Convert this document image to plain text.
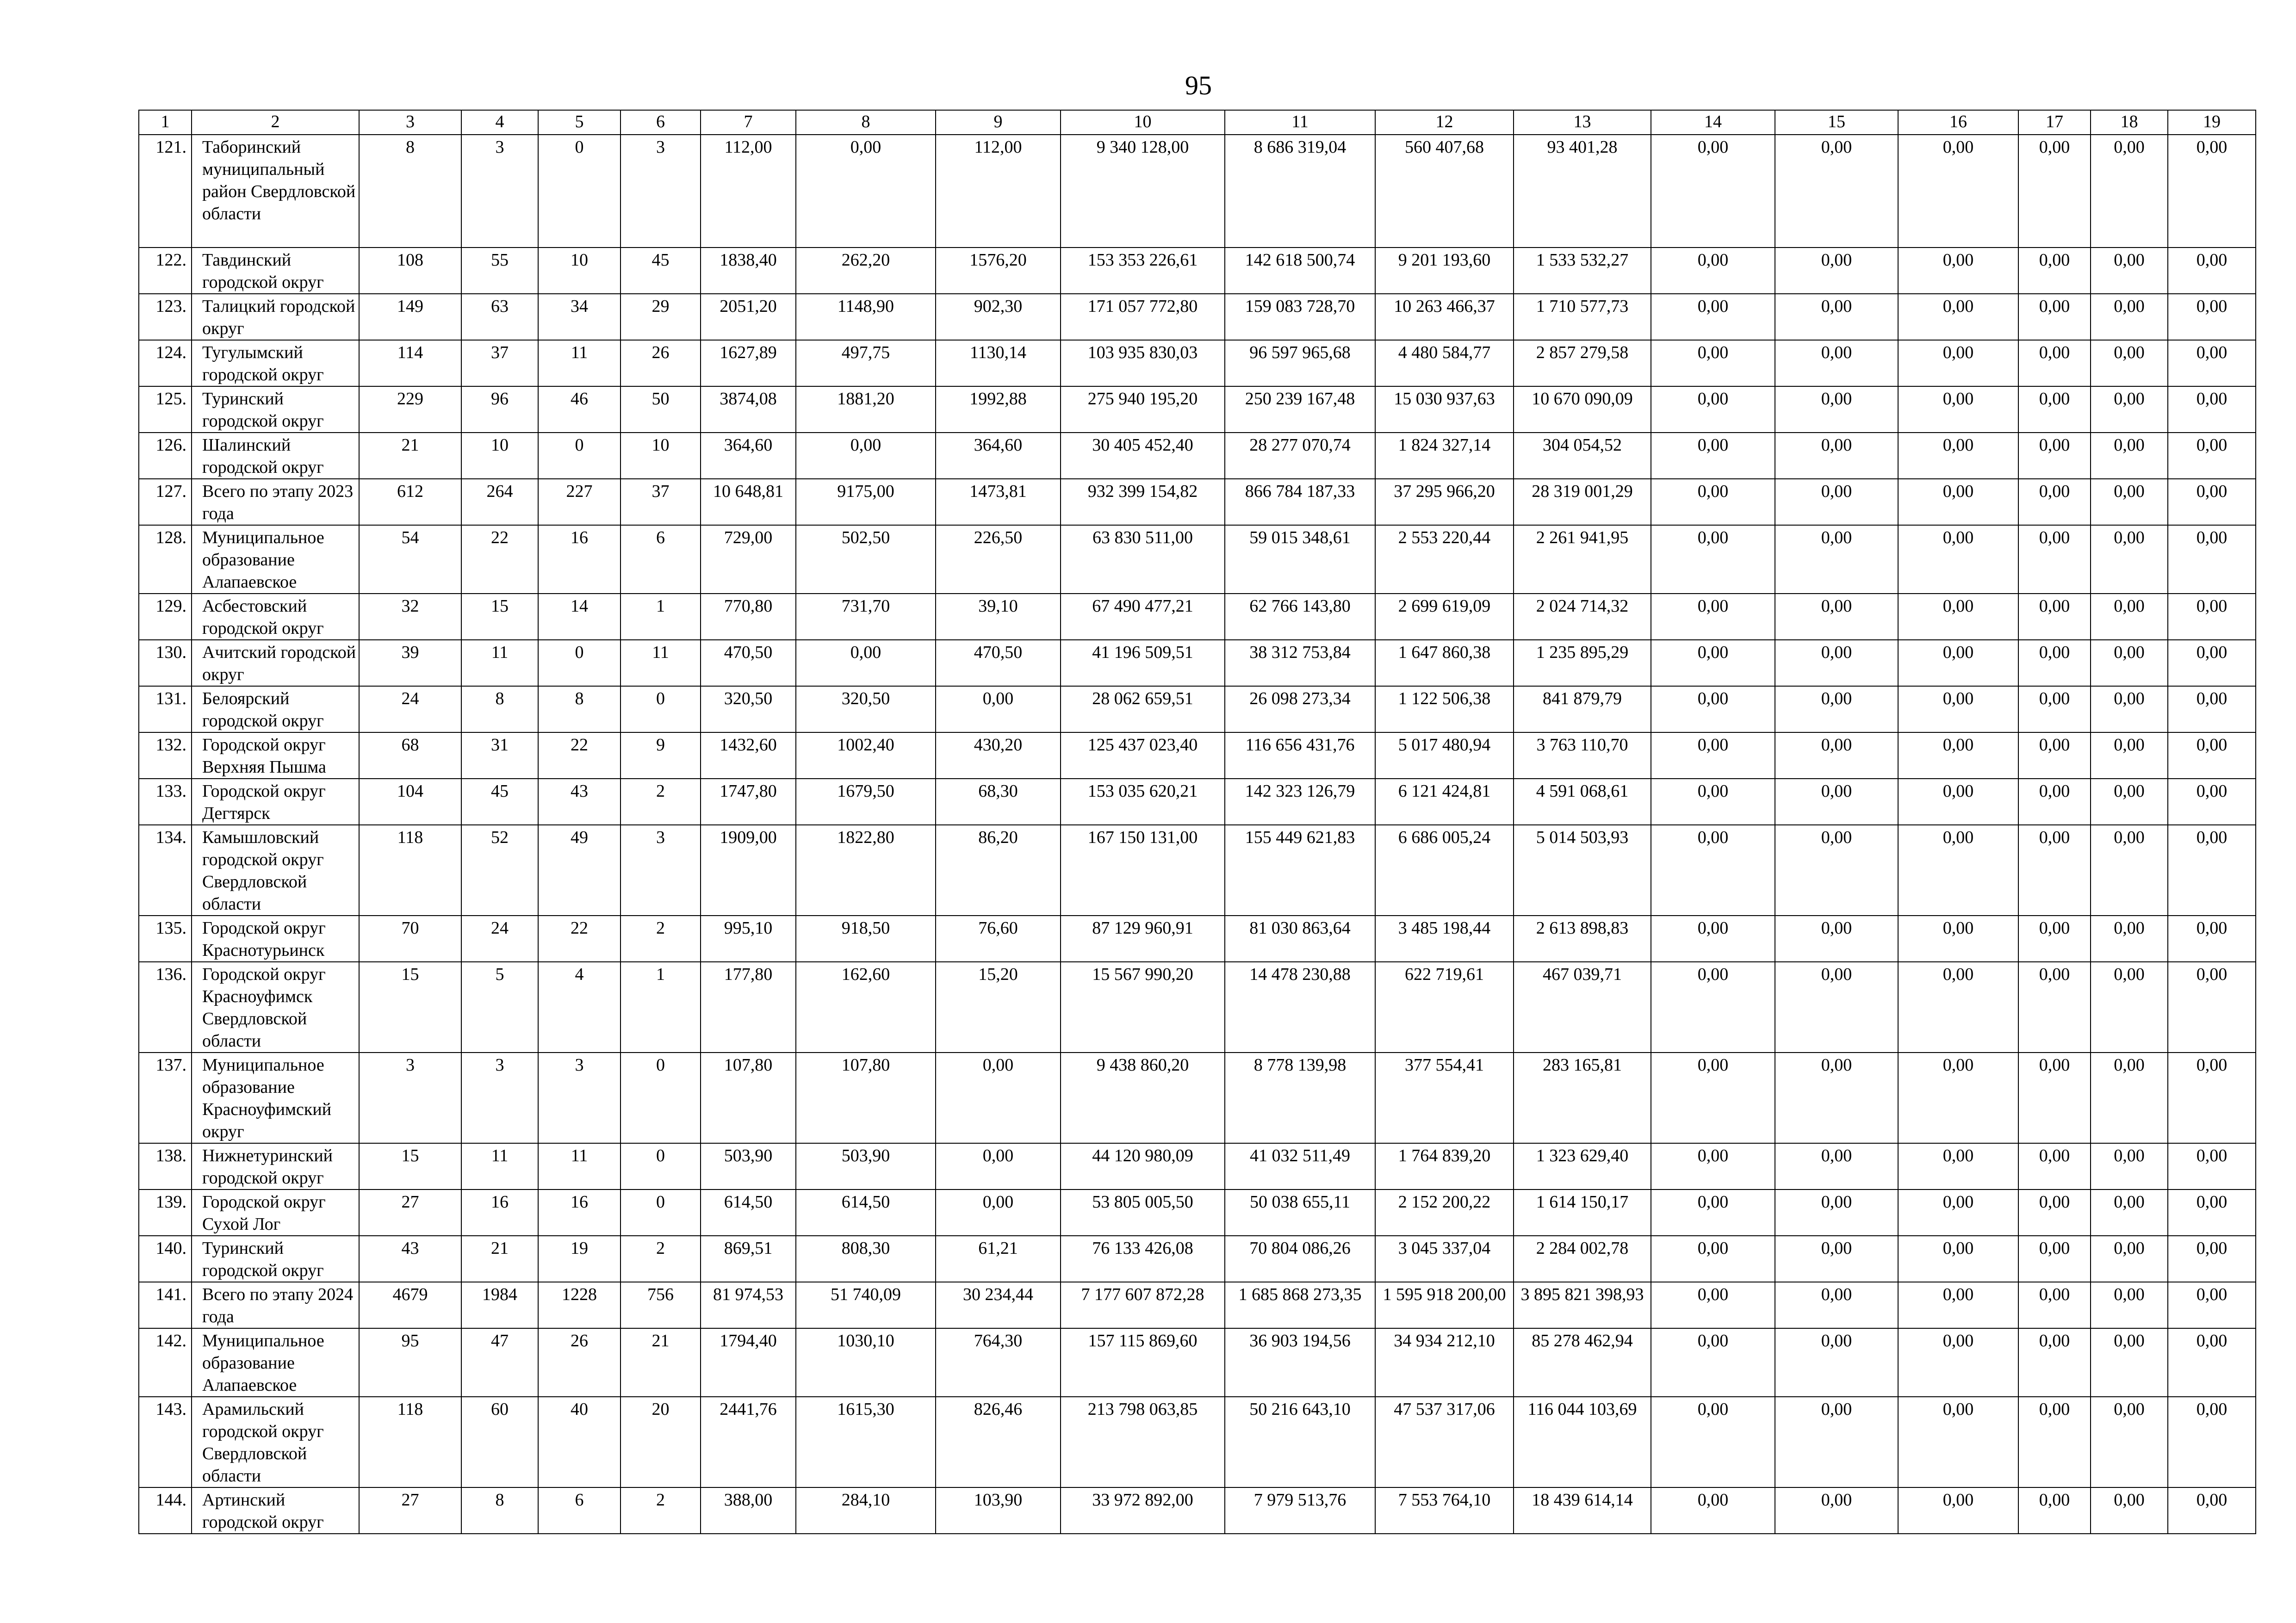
95
1	2	3	4	5	6	7	8	9	10	11	12	13	14	15	16	17	18	19
121.	Таборинский муниципальный район Свердловской области	8	3	0	3	112,00	0,00	112,00	9 340 128,00	8 686 319,04	560 407,68	93 401,28	0,00	0,00	0,00	0,00	0,00	0,00
122.	Тавдинский городской округ	108	55	10	45	1838,40	262,20	1576,20	153 353 226,61	142 618 500,74	9 201 193,60	1 533 532,27	0,00	0,00	0,00	0,00	0,00	0,00
123.	Талицкий городской округ	149	63	34	29	2051,20	1148,90	902,30	171 057 772,80	159 083 728,70	10 263 466,37	1 710 577,73	0,00	0,00	0,00	0,00	0,00	0,00
124.	Тугулымский городской округ	114	37	11	26	1627,89	497,75	1130,14	103 935 830,03	96 597 965,68	4 480 584,77	2 857 279,58	0,00	0,00	0,00	0,00	0,00	0,00
125.	Туринский городской округ	229	96	46	50	3874,08	1881,20	1992,88	275 940 195,20	250 239 167,48	15 030 937,63	10 670 090,09	0,00	0,00	0,00	0,00	0,00	0,00
126.	Шалинский городской округ	21	10	0	10	364,60	0,00	364,60	30 405 452,40	28 277 070,74	1 824 327,14	304 054,52	0,00	0,00	0,00	0,00	0,00	0,00
127.	Всего по этапу 2023 года	612	264	227	37	10 648,81	9175,00	1473,81	932 399 154,82	866 784 187,33	37 295 966,20	28 319 001,29	0,00	0,00	0,00	0,00	0,00	0,00
128.	Муниципальное образование Алапаевское	54	22	16	6	729,00	502,50	226,50	63 830 511,00	59 015 348,61	2 553 220,44	2 261 941,95	0,00	0,00	0,00	0,00	0,00	0,00
129.	Асбестовский городской округ	32	15	14	1	770,80	731,70	39,10	67 490 477,21	62 766 143,80	2 699 619,09	2 024 714,32	0,00	0,00	0,00	0,00	0,00	0,00
130.	Ачитский городской округ	39	11	0	11	470,50	0,00	470,50	41 196 509,51	38 312 753,84	1 647 860,38	1 235 895,29	0,00	0,00	0,00	0,00	0,00	0,00
131.	Белоярский городской округ	24	8	8	0	320,50	320,50	0,00	28 062 659,51	26 098 273,34	1 122 506,38	841 879,79	0,00	0,00	0,00	0,00	0,00	0,00
132.	Городской округ Верхняя Пышма	68	31	22	9	1432,60	1002,40	430,20	125 437 023,40	116 656 431,76	5 017 480,94	3 763 110,70	0,00	0,00	0,00	0,00	0,00	0,00
133.	Городской округ Дегтярск	104	45	43	2	1747,80	1679,50	68,30	153 035 620,21	142 323 126,79	6 121 424,81	4 591 068,61	0,00	0,00	0,00	0,00	0,00	0,00
134.	Камышловский городской округ Свердловской области	118	52	49	3	1909,00	1822,80	86,20	167 150 131,00	155 449 621,83	6 686 005,24	5 014 503,93	0,00	0,00	0,00	0,00	0,00	0,00
135.	Городской округ Краснотурьинск	70	24	22	2	995,10	918,50	76,60	87 129 960,91	81 030 863,64	3 485 198,44	2 613 898,83	0,00	0,00	0,00	0,00	0,00	0,00
136.	Городской округ Красноуфимск Свердловской области	15	5	4	1	177,80	162,60	15,20	15 567 990,20	14 478 230,88	622 719,61	467 039,71	0,00	0,00	0,00	0,00	0,00	0,00
137.	Муниципальное образование Красноуфимский округ	3	3	3	0	107,80	107,80	0,00	9 438 860,20	8 778 139,98	377 554,41	283 165,81	0,00	0,00	0,00	0,00	0,00	0,00
138.	Нижнетуринский городской округ	15	11	11	0	503,90	503,90	0,00	44 120 980,09	41 032 511,49	1 764 839,20	1 323 629,40	0,00	0,00	0,00	0,00	0,00	0,00
139.	Городской округ Сухой Лог	27	16	16	0	614,50	614,50	0,00	53 805 005,50	50 038 655,11	2 152 200,22	1 614 150,17	0,00	0,00	0,00	0,00	0,00	0,00
140.	Туринский городской округ	43	21	19	2	869,51	808,30	61,21	76 133 426,08	70 804 086,26	3 045 337,04	2 284 002,78	0,00	0,00	0,00	0,00	0,00	0,00
141.	Всего по этапу 2024 года	4679	1984	1228	756	81 974,53	51 740,09	30 234,44	7 177 607 872,28	1 685 868 273,35	1 595 918 200,00	3 895 821 398,93	0,00	0,00	0,00	0,00	0,00	0,00
142.	Муниципальное образование Алапаевское	95	47	26	21	1794,40	1030,10	764,30	157 115 869,60	36 903 194,56	34 934 212,10	85 278 462,94	0,00	0,00	0,00	0,00	0,00	0,00
143.	Арамильский городской округ Свердловской области	118	60	40	20	2441,76	1615,30	826,46	213 798 063,85	50 216 643,10	47 537 317,06	116 044 103,69	0,00	0,00	0,00	0,00	0,00	0,00
144.	Артинский городской округ	27	8	6	2	388,00	284,10	103,90	33 972 892,00	7 979 513,76	7 553 764,10	18 439 614,14	0,00	0,00	0,00	0,00	0,00	0,00
